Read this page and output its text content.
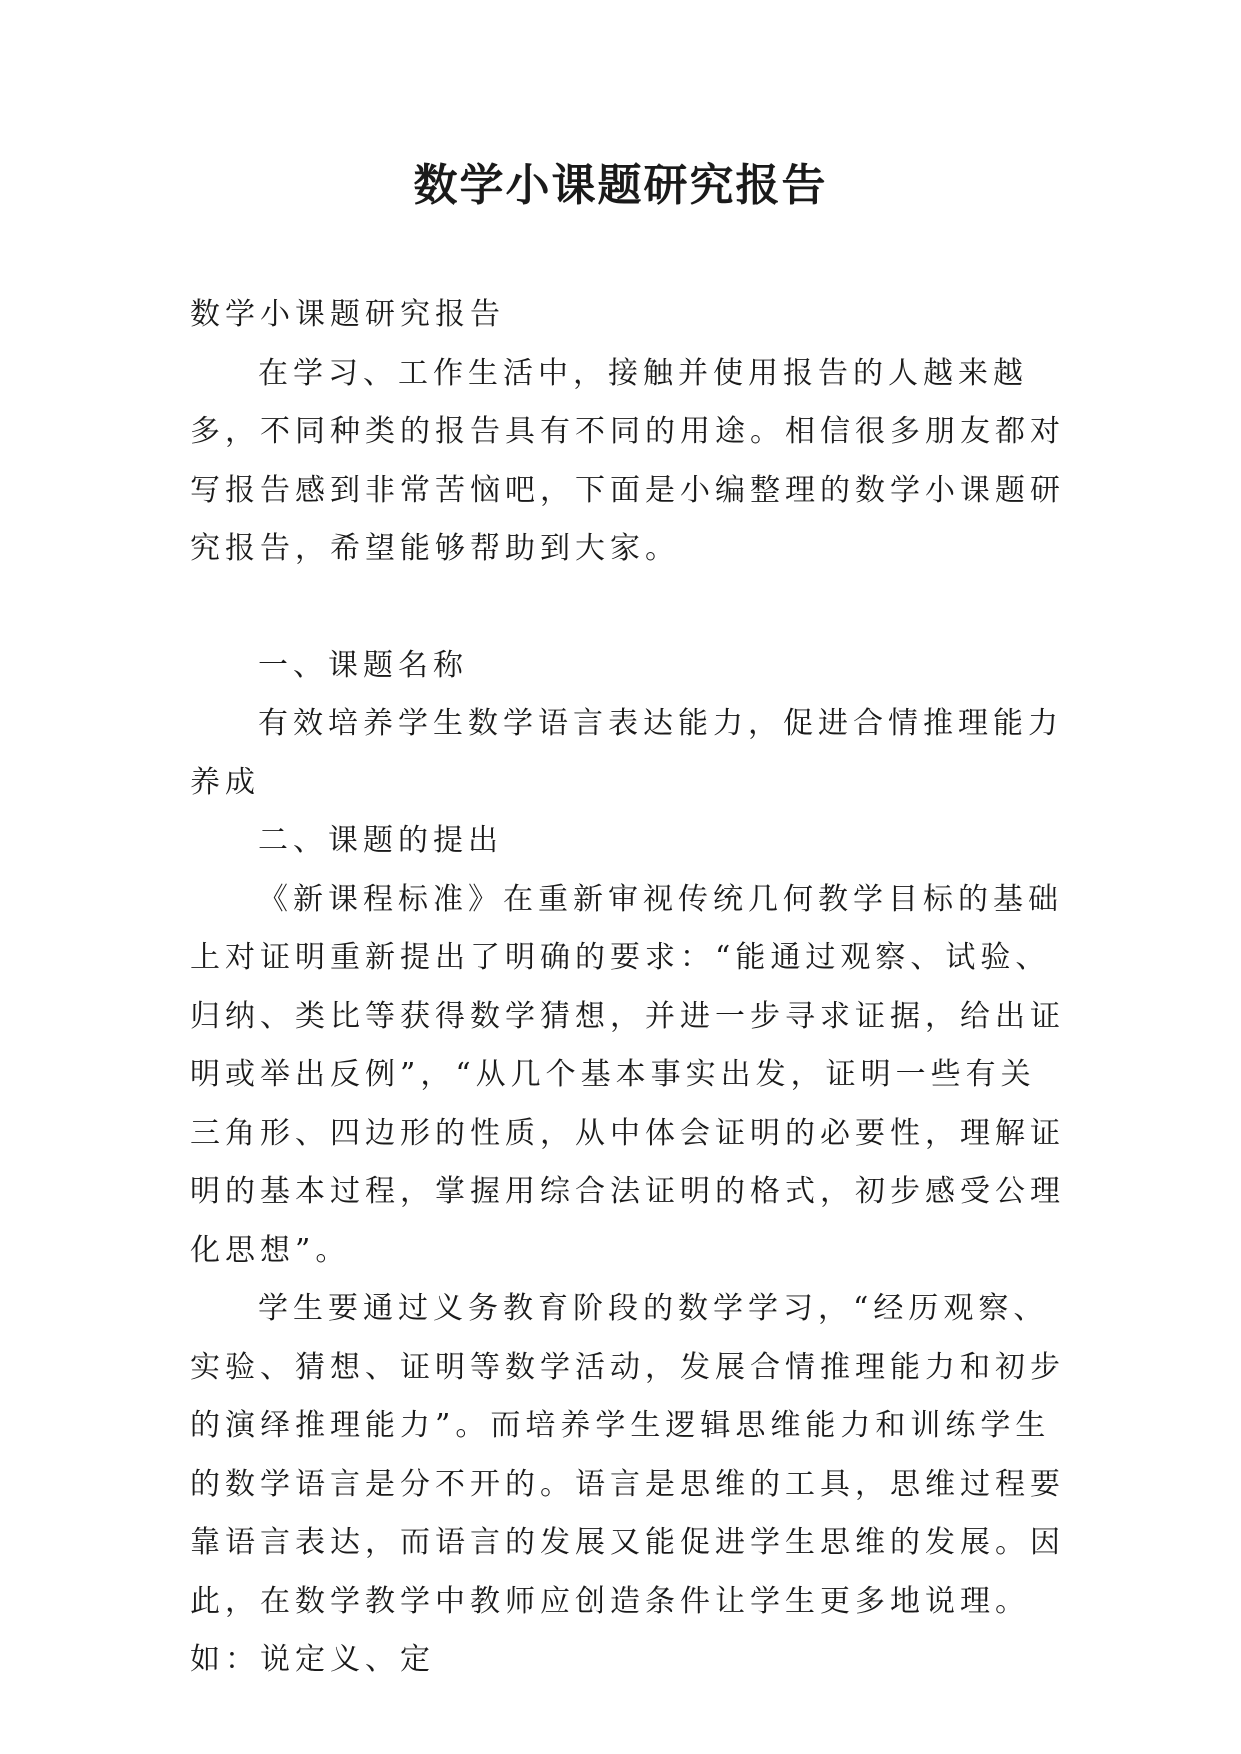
数学小课题研究报告

数学小课题研究报告

在学习、工作生活中，接触并使用报告的人越来越多，不同种类的报告具有不同的用途。相信很多朋友都对写报告感到非常苦恼吧，下面是小编整理的数学小课题研究报告，希望能够帮助到大家。

一、课题名称

有效培养学生数学语言表达能力，促进合情推理能力养成

二、课题的提出

《新课程标准》在重新审视传统几何教学目标的基础上对证明重新提出了明确的要求：“能通过观察、试验、归纳、类比等获得数学猜想，并进一步寻求证据，给出证明或举出反例”，“从几个基本事实出发，证明一些有关三角形、四边形的性质，从中体会证明的必要性，理解证明的基本过程，掌握用综合法证明的格式，初步感受公理化思想”。

学生要通过义务教育阶段的数学学习，“经历观察、实验、猜想、证明等数学活动，发展合情推理能力和初步的演绎推理能力”。而培养学生逻辑思维能力和训练学生的数学语言是分不开的。语言是思维的工具，思维过程要靠语言表达，而语言的发展又能促进学生思维的发展。因此，在数学教学中教师应创造条件让学生更多地说理。如：说定义、定
